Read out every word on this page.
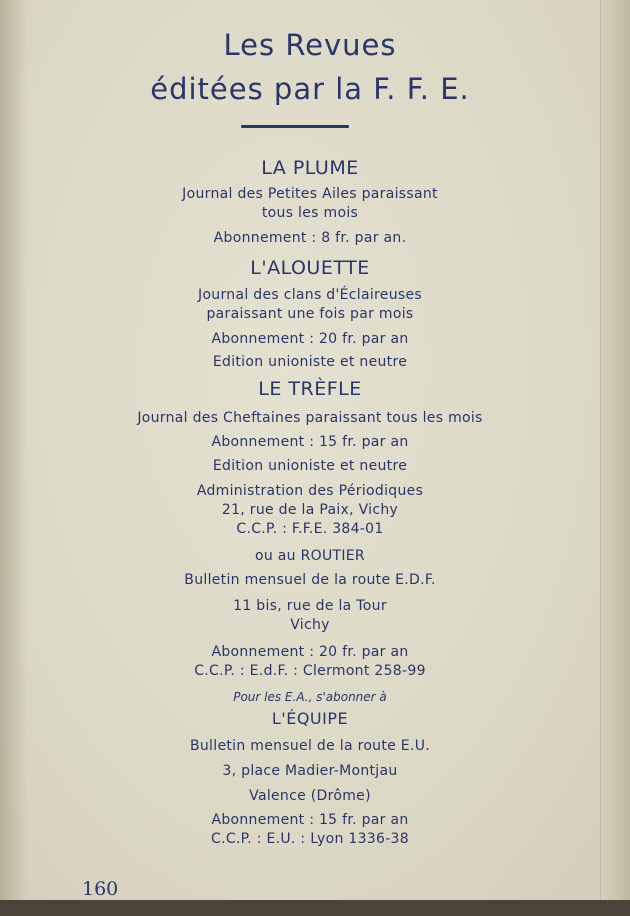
Les Revues
éditées par la F. F. E.
LA PLUME
Journal des Petites Ailes paraissant
tous les mois
Abonnement : 8 fr. par an.
L'ALOUETTE
Journal des clans d'Éclaireuses
paraissant une fois par mois
Abonnement : 20 fr. par an
Edition unioniste et neutre
LE TRÈFLE
Journal des Cheftaines paraissant tous les mois
Abonnement : 15 fr. par an
Edition unioniste et neutre
Administration des Périodiques
21, rue de la Paix, Vichy
C.C.P. : F.F.E. 384-01
ou au ROUTIER
Bulletin mensuel de la route E.D.F.
11 bis, rue de la Tour
Vichy
Abonnement : 20 fr. par an
C.C.P. : E.d.F. : Clermont 258-99
Pour les E.A., s'abonner à
L'ÉQUIPE
Bulletin mensuel de la route E.U.
3, place Madier-Montjau
Valence (Drôme)
Abonnement : 15 fr. par an
C.C.P. : E.U. : Lyon 1336-38
160
